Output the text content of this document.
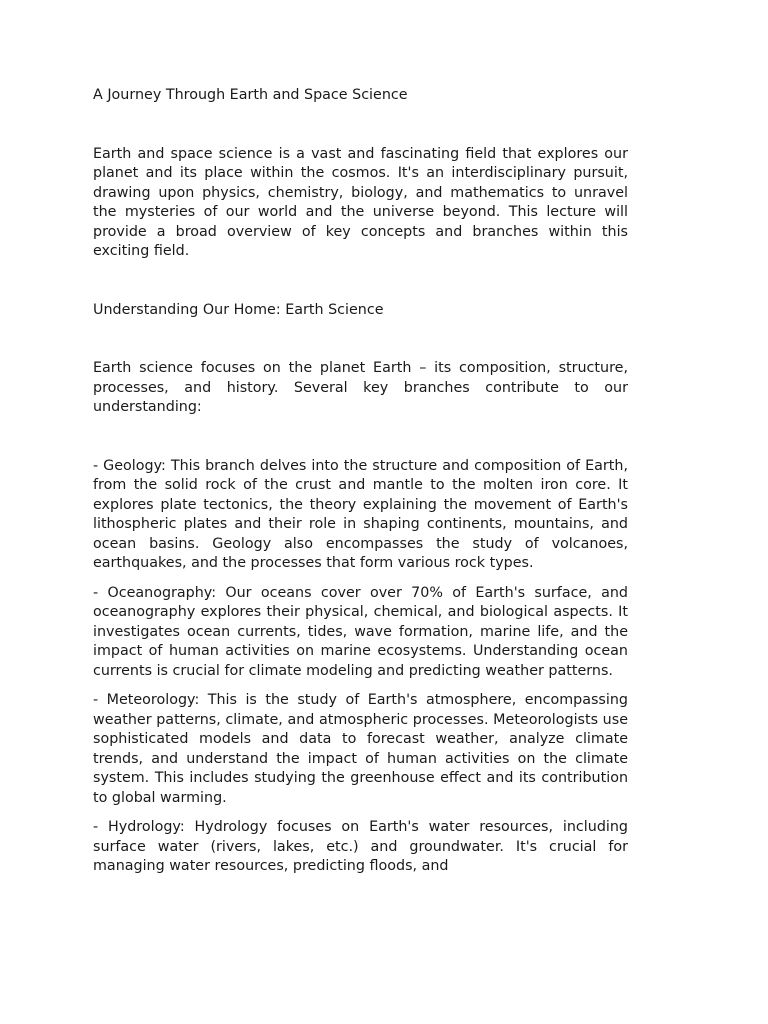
A Journey Through Earth and Space Science

Earth and space science is a vast and fascinating field that explores our planet and its place within the cosmos. It's an interdisciplinary pursuit, drawing upon physics, chemistry, biology, and mathematics to unravel the mysteries of our world and the universe beyond. This lecture will provide a broad overview of key concepts and branches within this exciting field.

Understanding Our Home: Earth Science

Earth science focuses on the planet Earth – its composition, structure, processes, and history. Several key branches contribute to our understanding:

- Geology: This branch delves into the structure and composition of Earth, from the solid rock of the crust and mantle to the molten iron core. It explores plate tectonics, the theory explaining the movement of Earth's lithospheric plates and their role in shaping continents, mountains, and ocean basins. Geology also encompasses the study of volcanoes, earthquakes, and the processes that form various rock types.
- Oceanography: Our oceans cover over 70% of Earth's surface, and oceanography explores their physical, chemical, and biological aspects. It investigates ocean currents, tides, wave formation, marine life, and the impact of human activities on marine ecosystems. Understanding ocean currents is crucial for climate modeling and predicting weather patterns.
- Meteorology: This is the study of Earth's atmosphere, encompassing weather patterns, climate, and atmospheric processes. Meteorologists use sophisticated models and data to forecast weather, analyze climate trends, and understand the impact of human activities on the climate system. This includes studying the greenhouse effect and its contribution to global warming.
- Hydrology: Hydrology focuses on Earth's water resources, including surface water (rivers, lakes, etc.) and groundwater. It's crucial for managing water resources, predicting floods, and
